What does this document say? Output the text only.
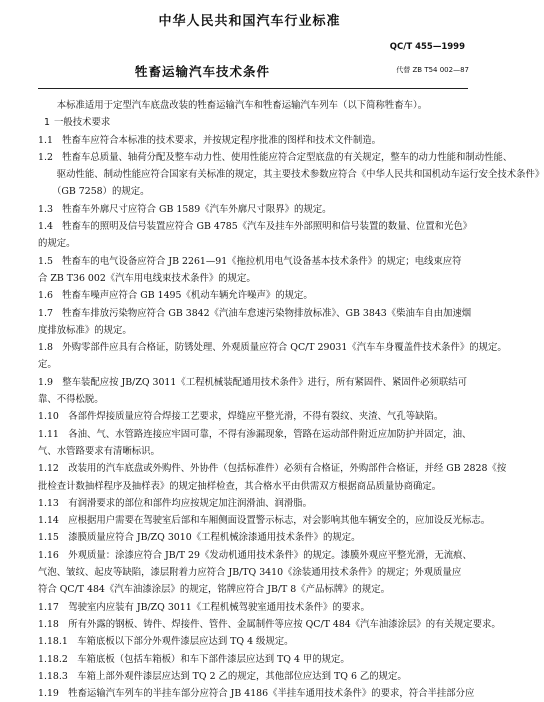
中华人民共和国汽车行业标准
QC/T 455—1999
牲畜运输汽车技术条件	代替 ZB T54 002—87

本标准适用于定型汽车底盘改装的牲畜运输汽车和牲畜运输汽车列车（以下简称牲畜车）。

1 一般技术要求

1.1　牲畜车应符合本标准的技术要求，并按规定程序批准的图样和技术文件制造。

1.2　牲畜车总质量、轴荷分配及整车动力性、使用性能应符合定型底盘的有关规定，整车的动力性能和制动性能、

　　驱动性能、制动性能应符合国家有关标准的规定，其主要技术参数应符合《中华人民共和国机动车运行安全技术条件》

　　（GB 7258）的规定。

1.3　牲畜车外廓尺寸应符合 GB 1589《汽车外廓尺寸限界》的规定。

1.4　牲畜车的照明及信号装置应符合 GB 4785《汽车及挂车外部照明和信号装置的数量、位置和光色》

的规定。

1.5　牲畜车的电气设备应符合 JB 2261—91《拖拉机用电气设备基本技术条件》的规定；电线束应符

合 ZB T36 002《汽车用电线束技术条件》的规定。

1.6　牲畜车噪声应符合 GB 1495《机动车辆允许噪声》的规定。

1.7　牲畜车排放污染物应符合 GB 3842《汽油车怠速污染物排放标准》、GB 3843《柴油车自由加速烟

度排放标准》的规定。

1.8　外购零部件应具有合格证，防锈处理、外观质量应符合 QC/T 29031《汽车车身覆盖件技术条件》的规定。

定。

1.9　整车装配应按 JB/ZQ 3011《工程机械装配通用技术条件》进行，所有紧固件、紧固件必须联结可

靠、不得松脱。

1.10　各部件焊接质量应符合焊接工艺要求，焊缝应平整光滑，不得有裂纹、夹渣、气孔等缺陷。

1.11　各油、气、水管路连接应牢固可靠，不得有渗漏现象，管路在运动部件附近应加防护并固定，油、

气、水管路要求有清晰标识。

1.12　改装用的汽车底盘或外购件、外协件（包括标准件）必须有合格证，外购部件合格证，并经 GB 2828《按

批检查计数抽样程序及抽样表》的规定抽样检查，其合格水平由供需双方根据商品质量协商确定。

1.13　有润滑要求的部位和部件均应按规定加注润滑油、润滑脂。

1.14　应根据用户需要在驾驶室后部和车厢侧面设置警示标志，对会影响其他车辆安全的，应加设反光标志。

1.15　漆膜质量应符合 JB/ZQ 3010《工程机械涂漆通用技术条件》的规定。

1.16　外观质量：涂漆应符合 JB/T 29《发动机通用技术条件》的规定。漆膜外观应平整光滑，无流痕、

气泡、皱纹、起皮等缺陷，漆层附着力应符合 JB/TQ 3410《涂装通用技术条件》的规定；外观质量应

符合 QC/T 484《汽车油漆涂层》的规定，铭牌应符合 JB/T 8《产品标牌》的规定。

1.17　驾驶室内应装有 JB/ZQ 3011《工程机械驾驶室通用技术条件》的要求。

1.18　所有外露的钢板、铸件、焊接件、管件、金属制件等应按 QC/T 484《汽车油漆涂层》的有关规定要求。

1.18.1　车箱底板以下部分外观件漆层应达到 TQ 4 级规定。

1.18.2　车箱底板（包括车箱板）和车下部件漆层应达到 TQ 4 甲的规定。

1.18.3　车箱上部外观件漆层应达到 TQ 2 乙的规定，其他部位应达到 TQ 6 乙的规定。

1.19　牲畜运输汽车列车的半挂车部分应符合 JB 4186《半挂车通用技术条件》的要求，符合半挂部分应
